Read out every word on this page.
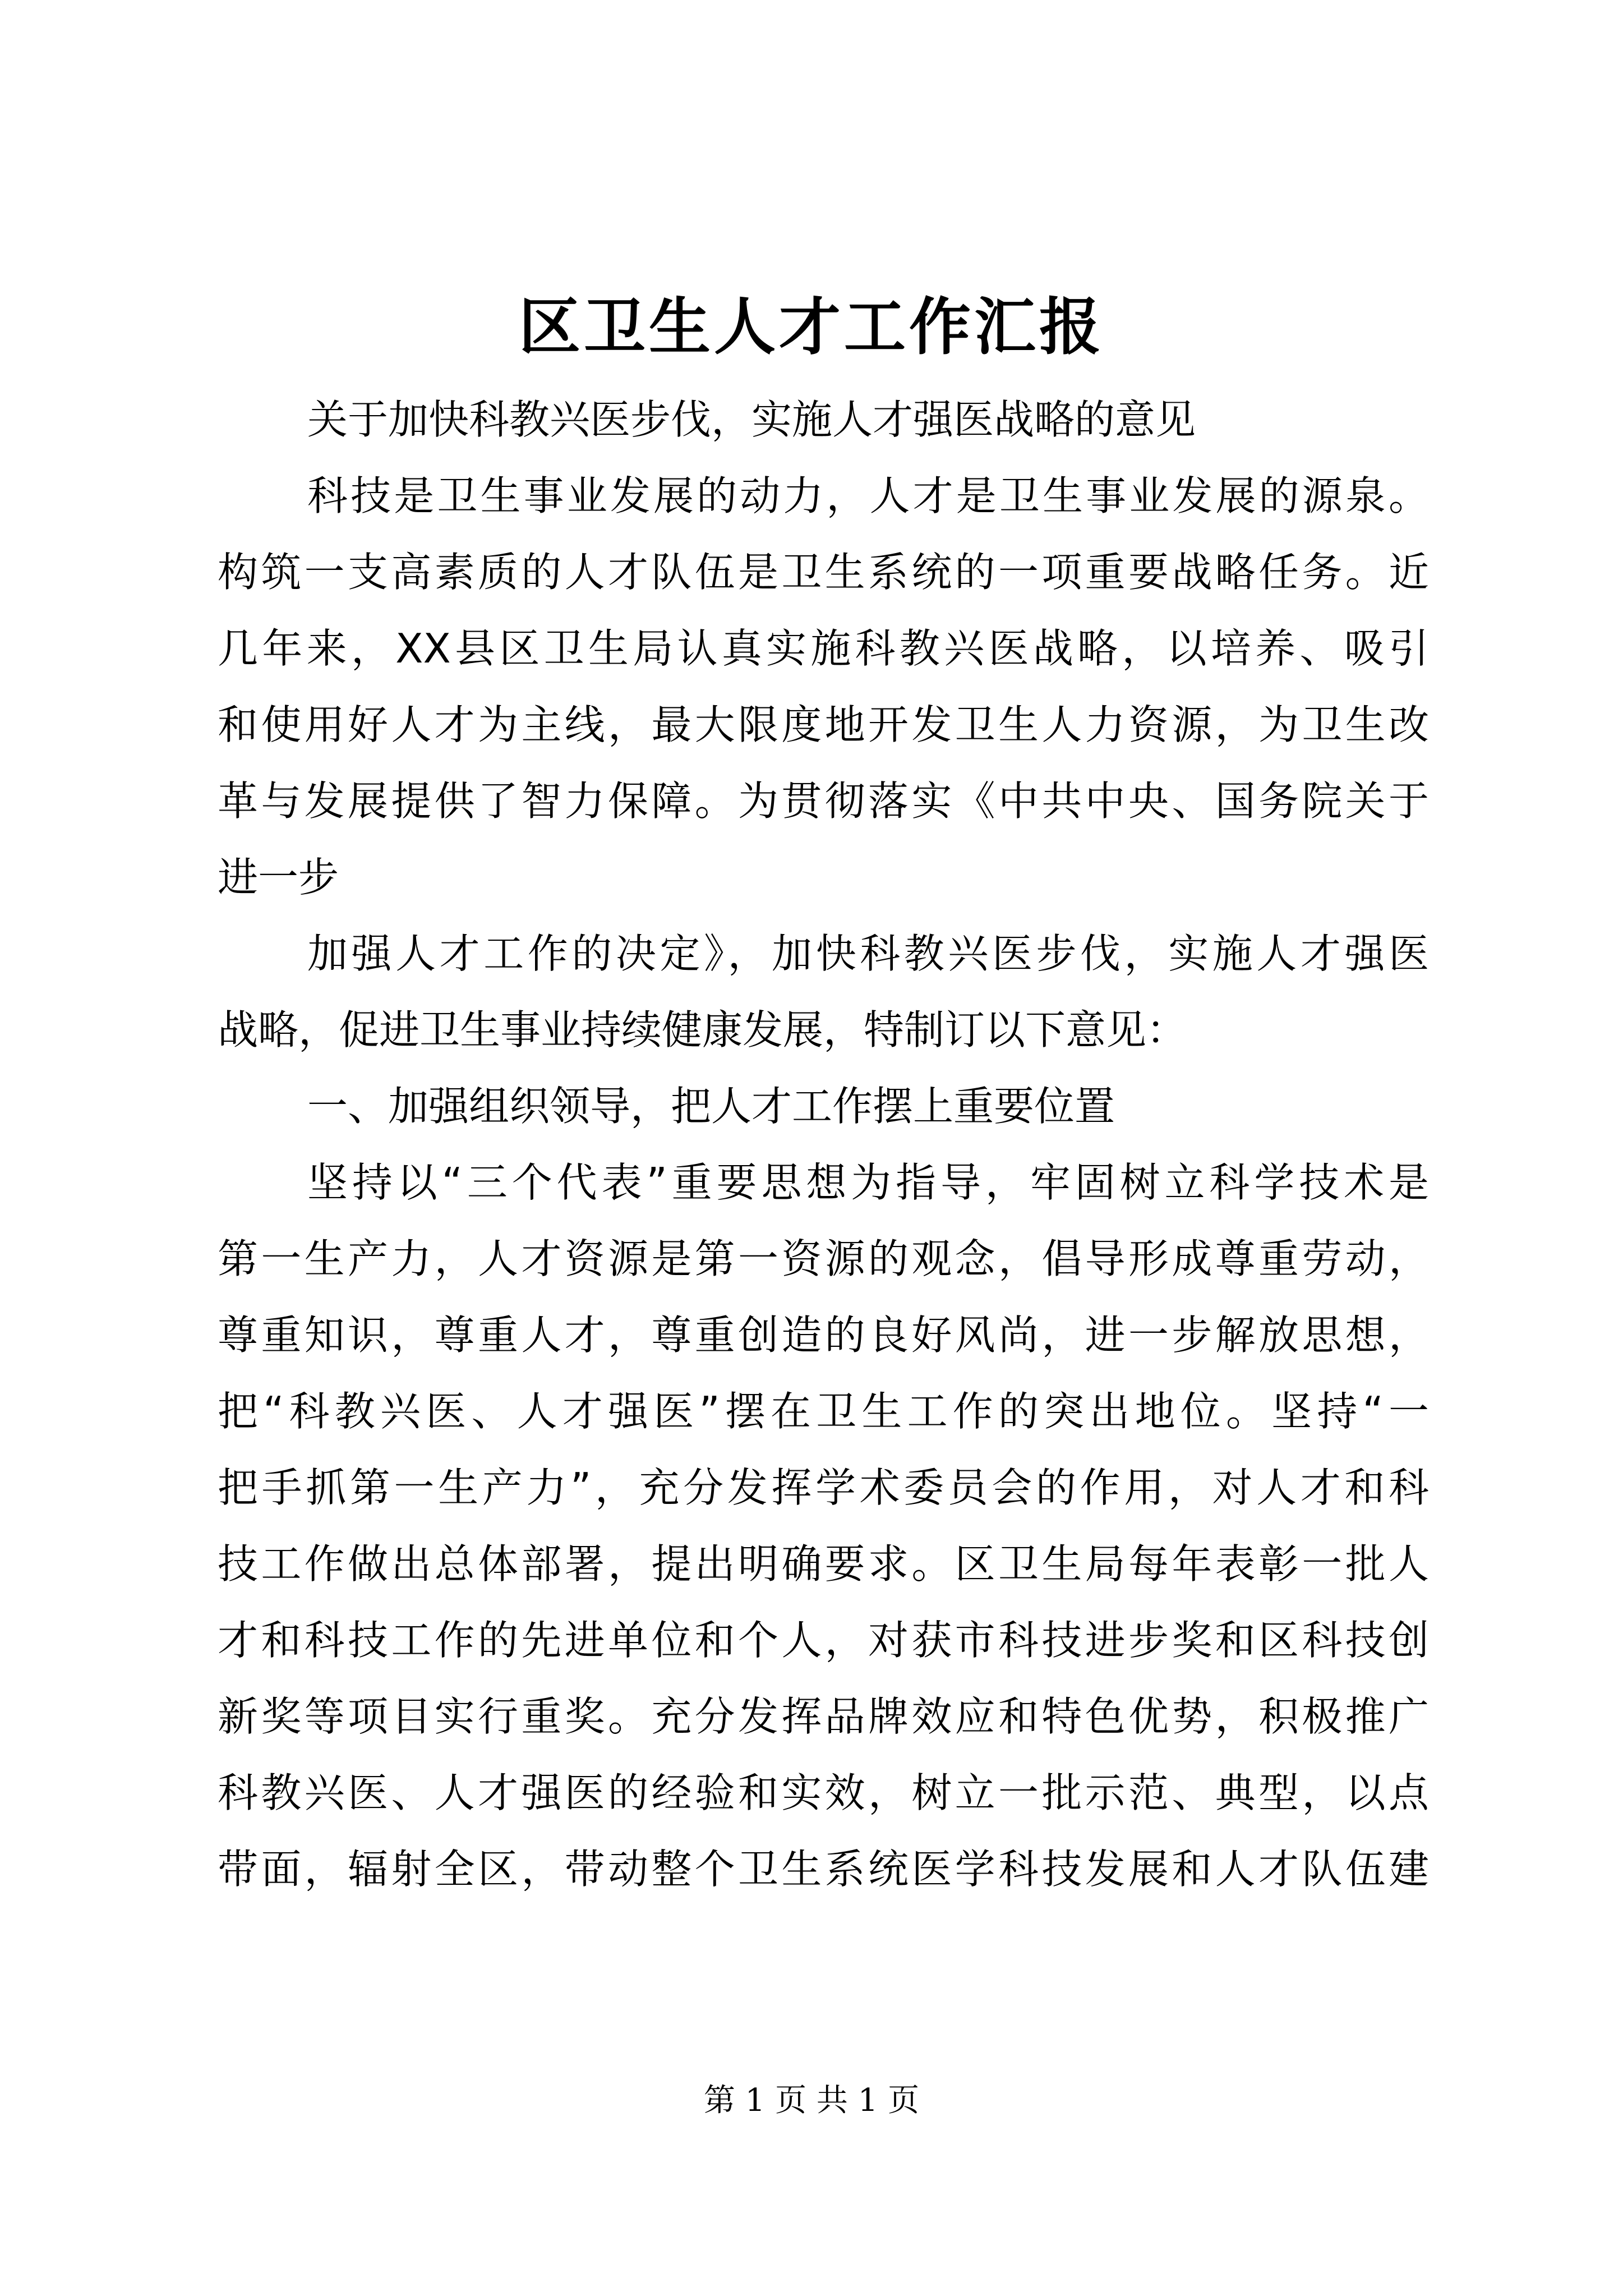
区卫生人才工作汇报
关于加快科教兴医步伐，实施人才强医战略的意见
科技是卫生事业发展的动力，人才是卫生事业发展的源泉。
构筑一支高素质的人才队伍是卫生系统的一项重要战略任务。近
几年来，XX县区卫生局认真实施科教兴医战略，以培养、吸引
和使用好人才为主线，最大限度地开发卫生人力资源，为卫生改
革与发展提供了智力保障。为贯彻落实《中共中央、国务院关于
进一步
加强人才工作的决定》，加快科教兴医步伐，实施人才强医
战略，促进卫生事业持续健康发展，特制订以下意见：
一、加强组织领导，把人才工作摆上重要位置
坚持以“三个代表”重要思想为指导，牢固树立科学技术是
第一生产力，人才资源是第一资源的观念，倡导形成尊重劳动，
尊重知识，尊重人才，尊重创造的良好风尚，进一步解放思想，
把“科教兴医、人才强医”摆在卫生工作的突出地位。坚持“一
把手抓第一生产力”，充分发挥学术委员会的作用，对人才和科
技工作做出总体部署，提出明确要求。区卫生局每年表彰一批人
才和科技工作的先进单位和个人，对获市科技进步奖和区科技创
新奖等项目实行重奖。充分发挥品牌效应和特色优势，积极推广
科教兴医、人才强医的经验和实效，树立一批示范、典型，以点
带面，辐射全区，带动整个卫生系统医学科技发展和人才队伍建
第 1 页 共 1 页
